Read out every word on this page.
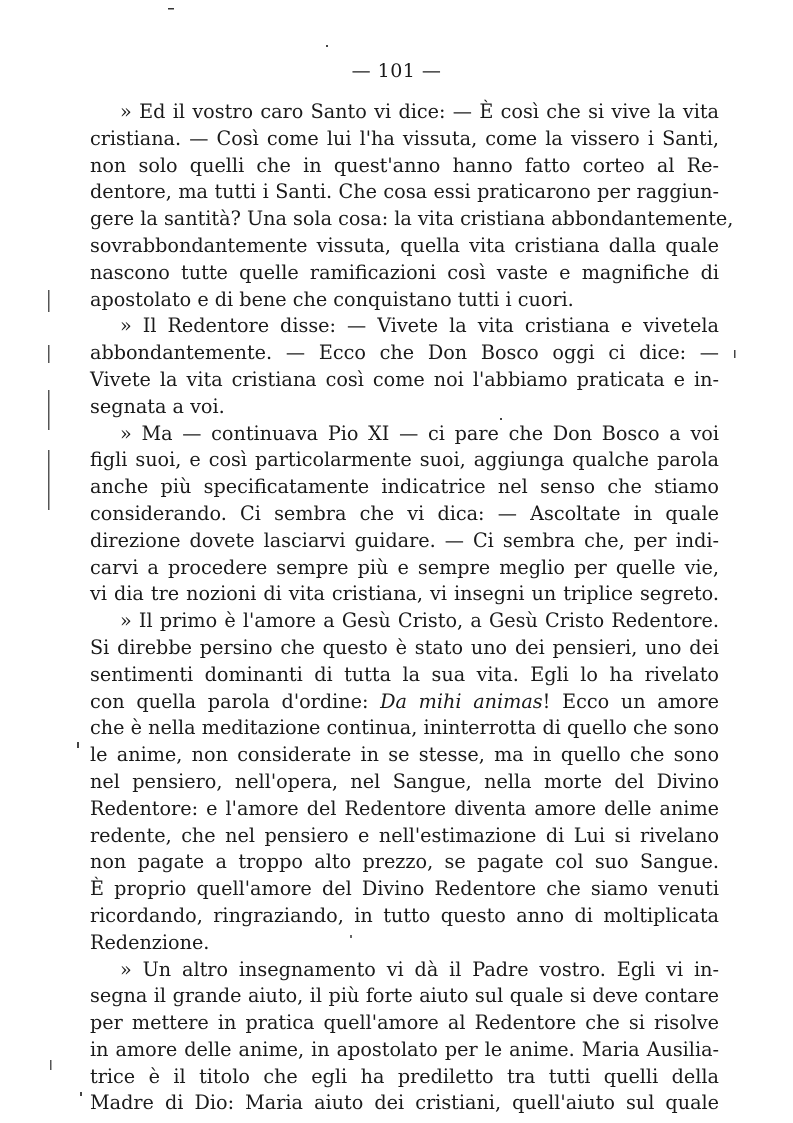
— 101 —
» Ed il vostro caro Santo vi dice: — È così che si vive la vita
cristiana. — Così come lui l'ha vissuta, come la vissero i Santi,
non solo quelli che in quest'anno hanno fatto corteo al Re-
dentore, ma tutti i Santi. Che cosa essi praticarono per raggiun-
gere la santità? Una sola cosa: la vita cristiana abbondantemente,
sovrabbondantemente vissuta, quella vita cristiana dalla quale
nascono tutte quelle ramificazioni così vaste e magnifiche di
apostolato e di bene che conquistano tutti i cuori.
» Il Redentore disse: — Vivete la vita cristiana e vivetela
abbondantemente. — Ecco che Don Bosco oggi ci dice: —
Vivete la vita cristiana così come noi l'abbiamo praticata e in-
segnata a voi.
» Ma — continuava Pio XI — ci pare che Don Bosco a voi
figli suoi, e così particolarmente suoi, aggiunga qualche parola
anche più specificatamente indicatrice nel senso che stiamo
considerando. Ci sembra che vi dica: — Ascoltate in quale
direzione dovete lasciarvi guidare. — Ci sembra che, per indi-
carvi a procedere sempre più e sempre meglio per quelle vie,
vi dia tre nozioni di vita cristiana, vi insegni un triplice segreto.
» Il primo è l'amore a Gesù Cristo, a Gesù Cristo Redentore.
Si direbbe persino che questo è stato uno dei pensieri, uno dei
sentimenti dominanti di tutta la sua vita. Egli lo ha rivelato
con quella parola d'ordine: Da mihi animas! Ecco un amore
che è nella meditazione continua, ininterrotta di quello che sono
le anime, non considerate in se stesse, ma in quello che sono
nel pensiero, nell'opera, nel Sangue, nella morte del Divino
Redentore: e l'amore del Redentore diventa amore delle anime
redente, che nel pensiero e nell'estimazione di Lui si rivelano
non pagate a troppo alto prezzo, se pagate col suo Sangue.
È proprio quell'amore del Divino Redentore che siamo venuti
ricordando, ringraziando, in tutto questo anno di moltiplicata
Redenzione.
» Un altro insegnamento vi dà il Padre vostro. Egli vi in-
segna il grande aiuto, il più forte aiuto sul quale si deve contare
per mettere in pratica quell'amore al Redentore che si risolve
in amore delle anime, in apostolato per le anime. Maria Ausilia-
trice è il titolo che egli ha prediletto tra tutti quelli della
Madre di Dio: Maria aiuto dei cristiani, quell'aiuto sul quale
